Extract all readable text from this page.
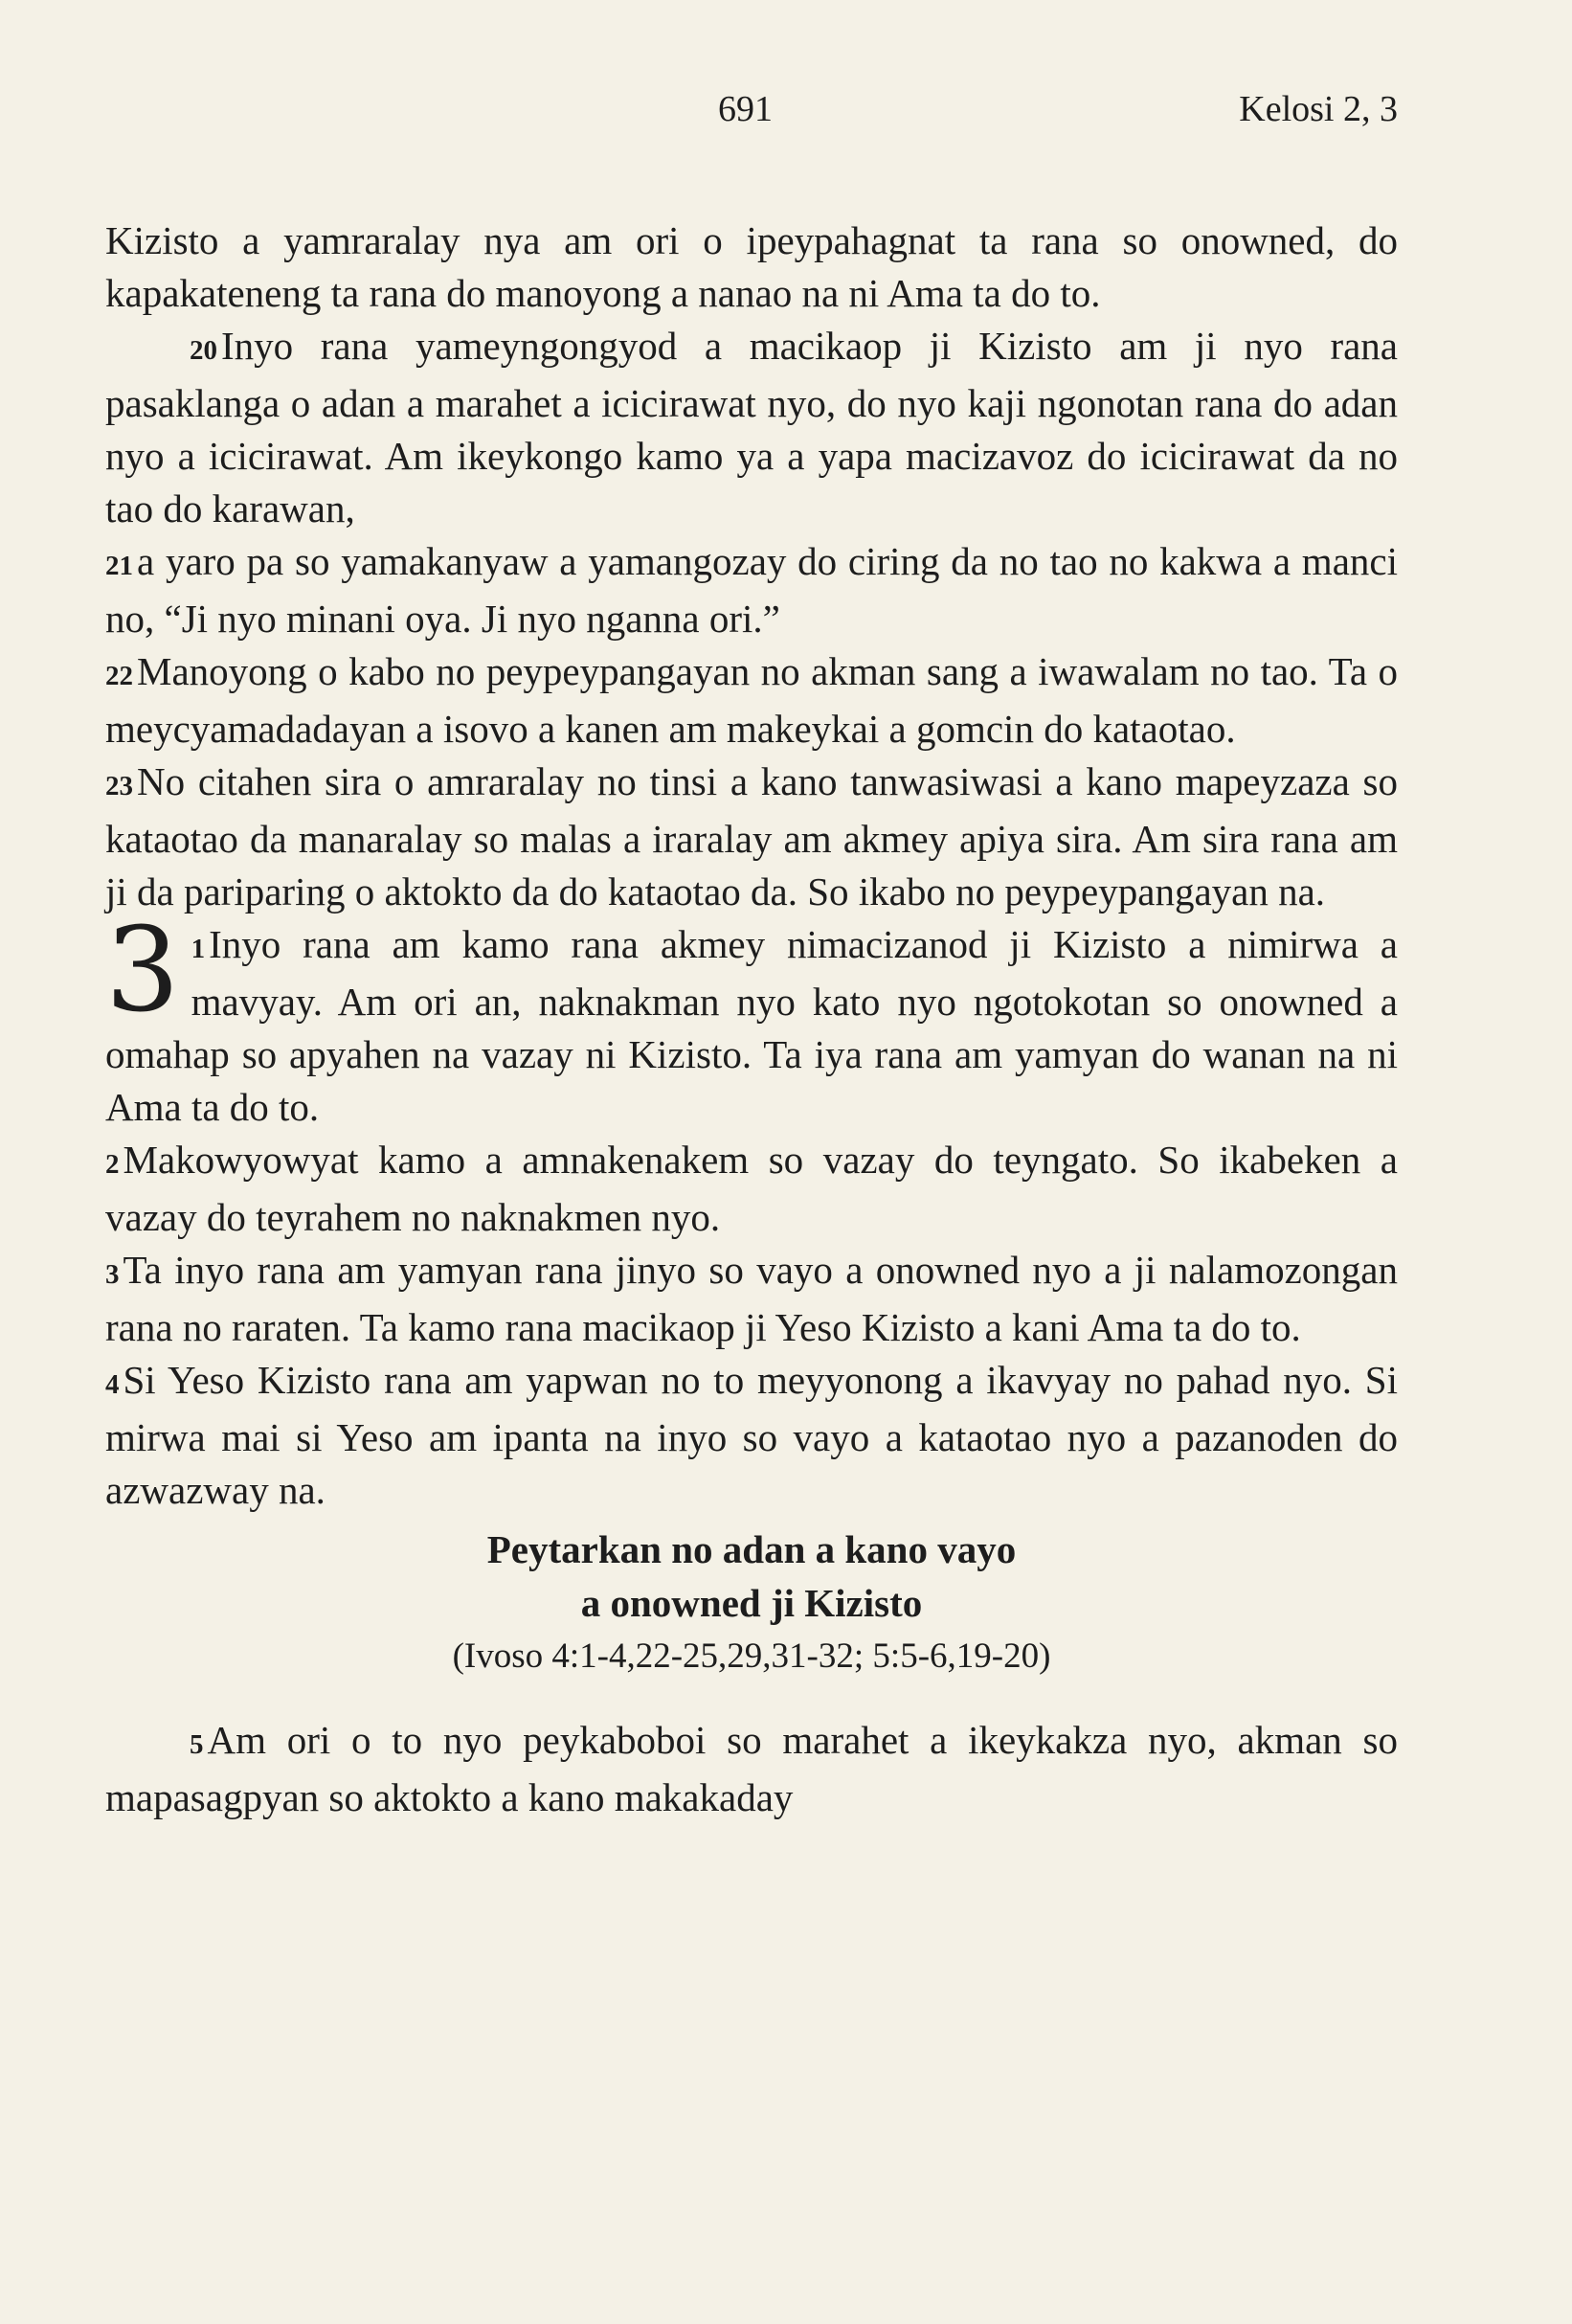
691	Kelosi 2, 3

Kizisto a yamraralay nya am ori o ipeypahagnat ta rana so onowned, do kapakateneng ta rana do manoyong a nanao na ni Ama ta do to.

20Inyo rana yameyngongyod a macikaop ji Kizisto am ji nyo rana pasaklanga o adan a marahet a icicirawat nyo, do nyo kaji ngonotan rana do adan nyo a icicirawat. Am ikeykongo kamo ya a yapa macizavoz do icicirawat da no tao do karawan,

21a yaro pa so yamakanyaw a yamangozay do ciring da no tao no kakwa a manci no, “Ji nyo minani oya. Ji nyo nganna ori.”

22Manoyong o kabo no peypeypangayan no akman sang a iwawalam no tao. Ta o meycyamadadayan a isovo a kanen am makeykai a gomcin do kataotao.

23No citahen sira o amraralay no tinsi a kano tanwasiwasi a kano mapeyzaza so kataotao da manaralay so malas a iraralay am akmey apiya sira. Am sira rana am ji da pariparing o aktokto da do kataotao da. So ikabo no peypeypangayan na.

3 1Inyo rana am kamo rana akmey nimacizanod ji Kizisto a nimirwa a mavyay. Am ori an, naknakman nyo kato nyo ngotokotan so onowned a omahap so apyahen na vazay ni Kizisto. Ta iya rana am yamyan do wanan na ni Ama ta do to.

2Makowyowyat kamo a amnakenakem so vazay do teyngato. So ikabeken a vazay do teyrahem no naknakmen nyo.

3Ta inyo rana am yamyan rana jinyo so vayo a onowned nyo a ji nalamozongan rana no raraten. Ta kamo rana macikaop ji Yeso Kizisto a kani Ama ta do to.

4Si Yeso Kizisto rana am yapwan no to meyyonong a ikavyay no pahad nyo. Si mirwa mai si Yeso am ipanta na inyo so vayo a kataotao nyo a pazanoden do azwazway na.

Peytarkan no adan a kano vayo
a onowned ji Kizisto
(Ivoso 4:1-4,22-25,29,31-32; 5:5-6,19-20)

5Am ori o to nyo peykaboboi so marahet a ikeykakza nyo, akman so mapasagpyan so aktokto a kano makakaday
